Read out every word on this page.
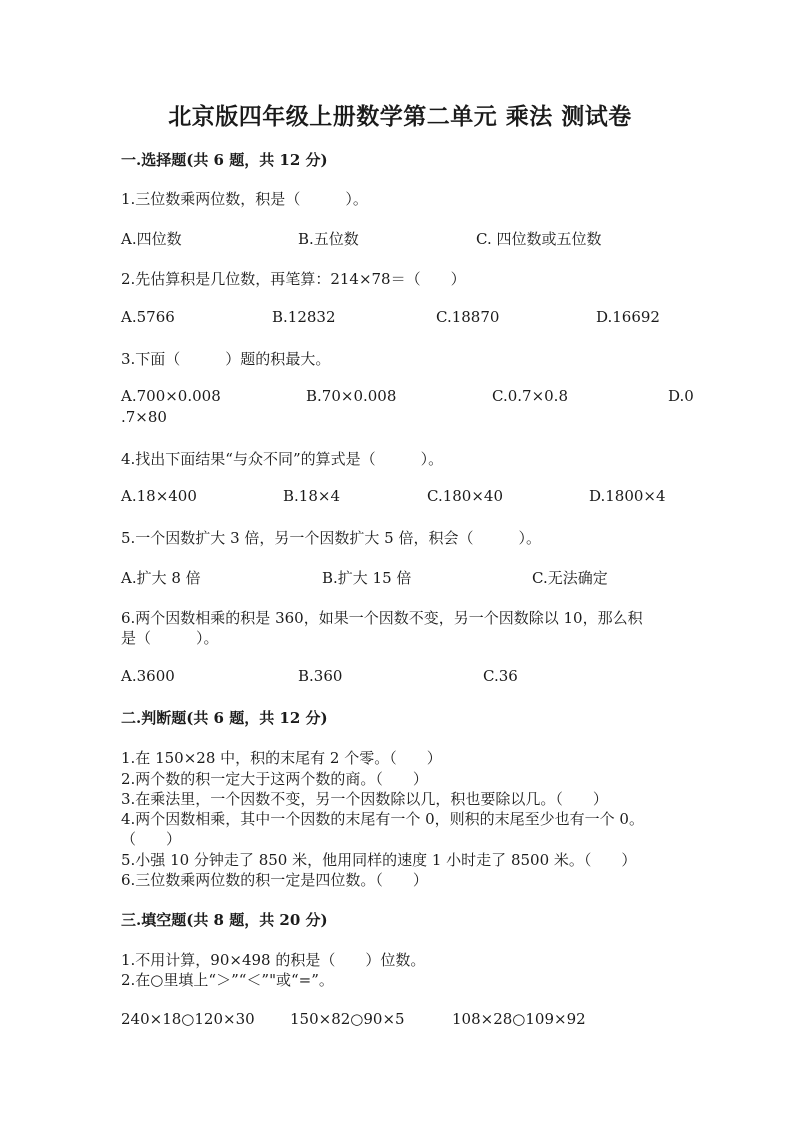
北京版四年级上册数学第二单元 乘法 测试卷
一.选择题(共 6 题，共 12 分)
1.三位数乘两位数，积是（　　　）。
A.四位数	B.五位数	C. 四位数或五位数
2.先估算积是几位数，再笔算：214×78＝（　　）
A.5766	B.12832	C.18870	D.16692
3.下面（　　　）题的积最大。
A.700×0.008	B.70×0.008	C.0.7×0.8	D.0
.7×80
4.找出下面结果“与众不同”的算式是（　　　）。
A.18×400	B.18×4	C.180×40	D.1800×4
5.一个因数扩大 3 倍，另一个因数扩大 5 倍，积会（　　　）。
A.扩大 8 倍	B.扩大 15 倍	C.无法确定
6.两个因数相乘的积是 360，如果一个因数不变，另一个因数除以 10，那么积
是（　　　）。
A.3600	B.360	C.36
二.判断题(共 6 题，共 12 分)
1.在 150×28 中，积的末尾有 2 个零。（　　）
2.两个数的积一定大于这两个数的商。（　　）
3.在乘法里，一个因数不变，另一个因数除以几，积也要除以几。（　　）
4.两个因数相乘，其中一个因数的末尾有一个 0，则积的末尾至少也有一个 0。
（　　）
5.小强 10 分钟走了 850 米，他用同样的速度 1 小时走了 8500 米。（　　）
6.三位数乘两位数的积一定是四位数。（　　）
三.填空题(共 8 题，共 20 分)
1.不用计算，90×498 的积是（　　）位数。
2.在○里填上“＞”“＜”"或“=”。
240×18○120×30 150×82○90×5	108×28○109×92
